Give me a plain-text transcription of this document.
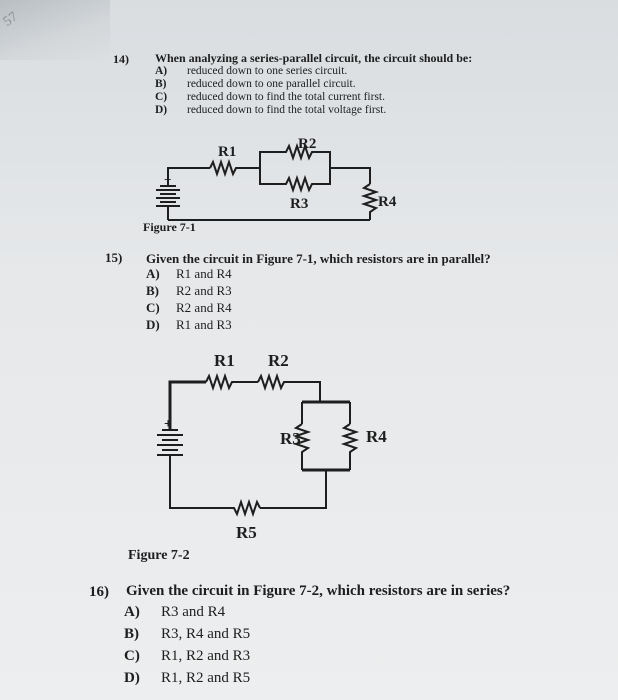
57
14) When analyzing a series-parallel circuit, the circuit should be:
A) reduced down to one series circuit.
B) reduced down to one parallel circuit.
C) reduced down to find the total current first.
D) reduced down to find the total voltage first.
R1	R2
R3	R4
+
Figure 7-1
15) Given the circuit in Figure 7-1, which resistors are in parallel?
A) R1 and R4
B) R2 and R3
C) R2 and R4
D) R1 and R3
R1 R2
R3	R4
R5
+
Figure 7-2
16) Given the circuit in Figure 7-2, which resistors are in series?
A) R3 and R4
B) R3, R4 and R5
C) R1, R2 and R3
D) R1, R2 and R5
